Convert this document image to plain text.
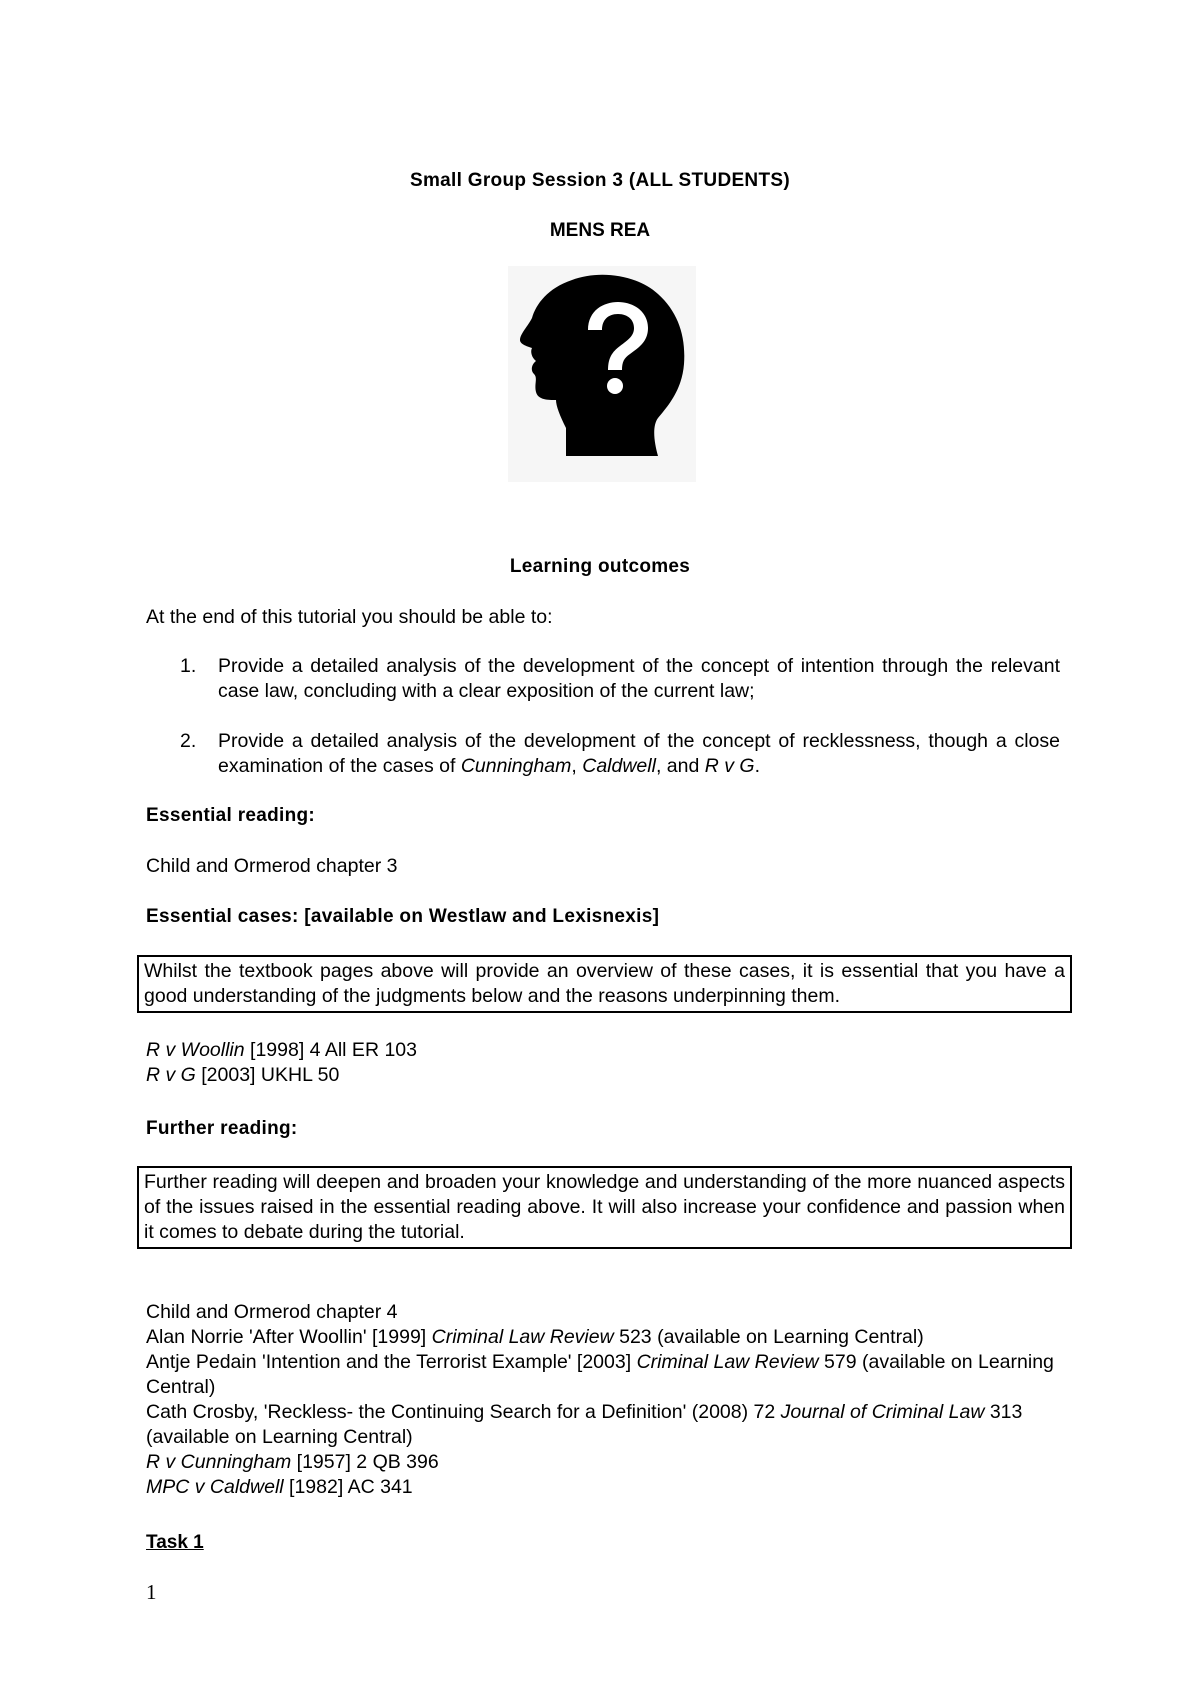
Small Group Session 3 (ALL STUDENTS)
MENS REA
Learning outcomes
At the end of this tutorial you should be able to:
1. Provide a detailed analysis of the development of the concept of intention through the relevant case law, concluding with a clear exposition of the current law;
2. Provide a detailed analysis of the development of the concept of recklessness, though a close examination of the cases of Cunningham, Caldwell, and R v G.
Essential reading:
Child and Ormerod chapter 3
Essential cases: [available on Westlaw and Lexisnexis]
Whilst the textbook pages above will provide an overview of these cases, it is essential that you have a good understanding of the judgments below and the reasons underpinning them.
R v Woollin [1998] 4 All ER 103
R v G [2003] UKHL 50
Further reading:
Further reading will deepen and broaden your knowledge and understanding of the more nuanced aspects of the issues raised in the essential reading above. It will also increase your confidence and passion when it comes to debate during the tutorial.
Child and Ormerod chapter 4
Alan Norrie 'After Woollin' [1999] Criminal Law Review 523 (available on Learning Central)
Antje Pedain 'Intention and the Terrorist Example' [2003] Criminal Law Review 579 (available on Learning Central)
Cath Crosby, 'Reckless- the Continuing Search for a Definition' (2008) 72 Journal of Criminal Law 313 (available on Learning Central)
R v Cunningham [1957] 2 QB 396
MPC v Caldwell [1982] AC 341
Task 1
1
